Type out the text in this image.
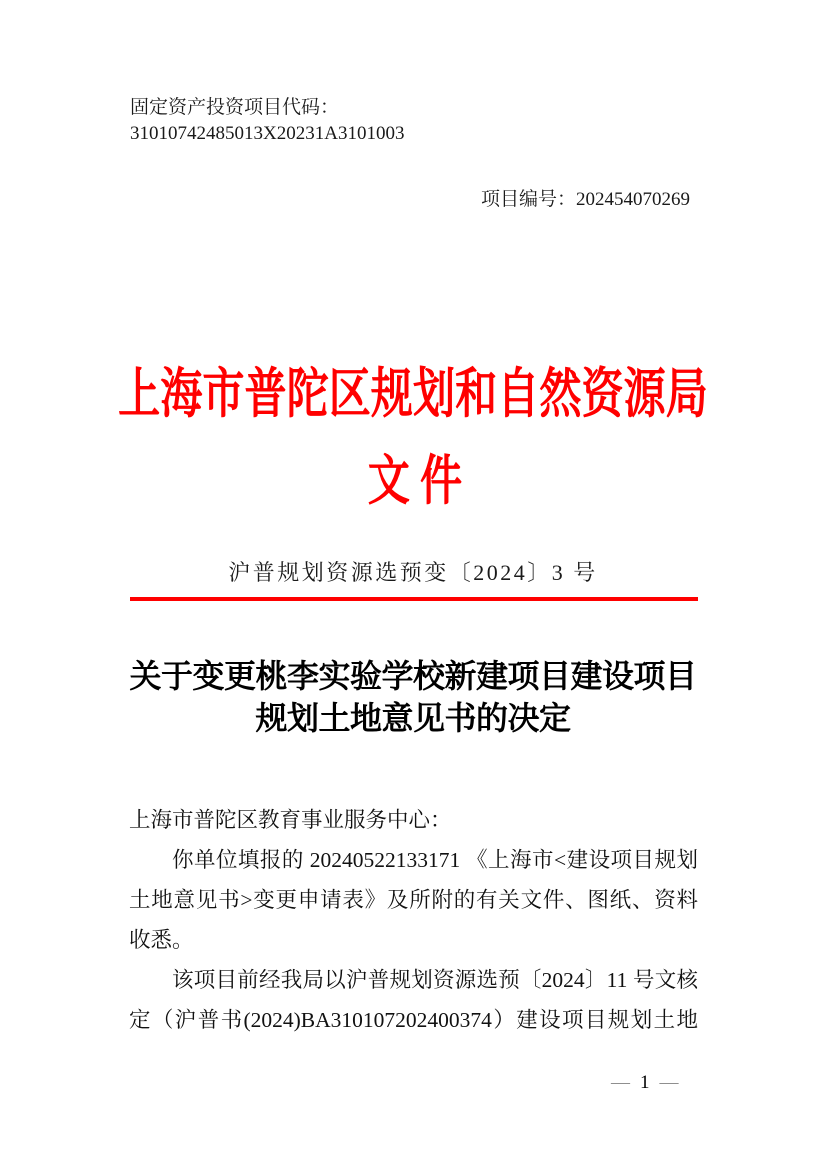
固定资产投资项目代码：
31010742485013X20231A3101003
项目编号：202454070269
上海市普陀区规划和自然资源局
文件
沪普规划资源选预变〔2024〕3 号
关于变更桃李实验学校新建项目建设项目
规划土地意见书的决定
上海市普陀区教育事业服务中心：
你单位填报的 20240522133171 《上海市<建设项目规划
土地意见书>变更申请表》及所附的有关文件、图纸、资料
收悉。
该项目前经我局以沪普规划资源选预〔2024〕11 号文核
定（沪普书(2024)BA310107202400374）建设项目规划土地
— 1 —
